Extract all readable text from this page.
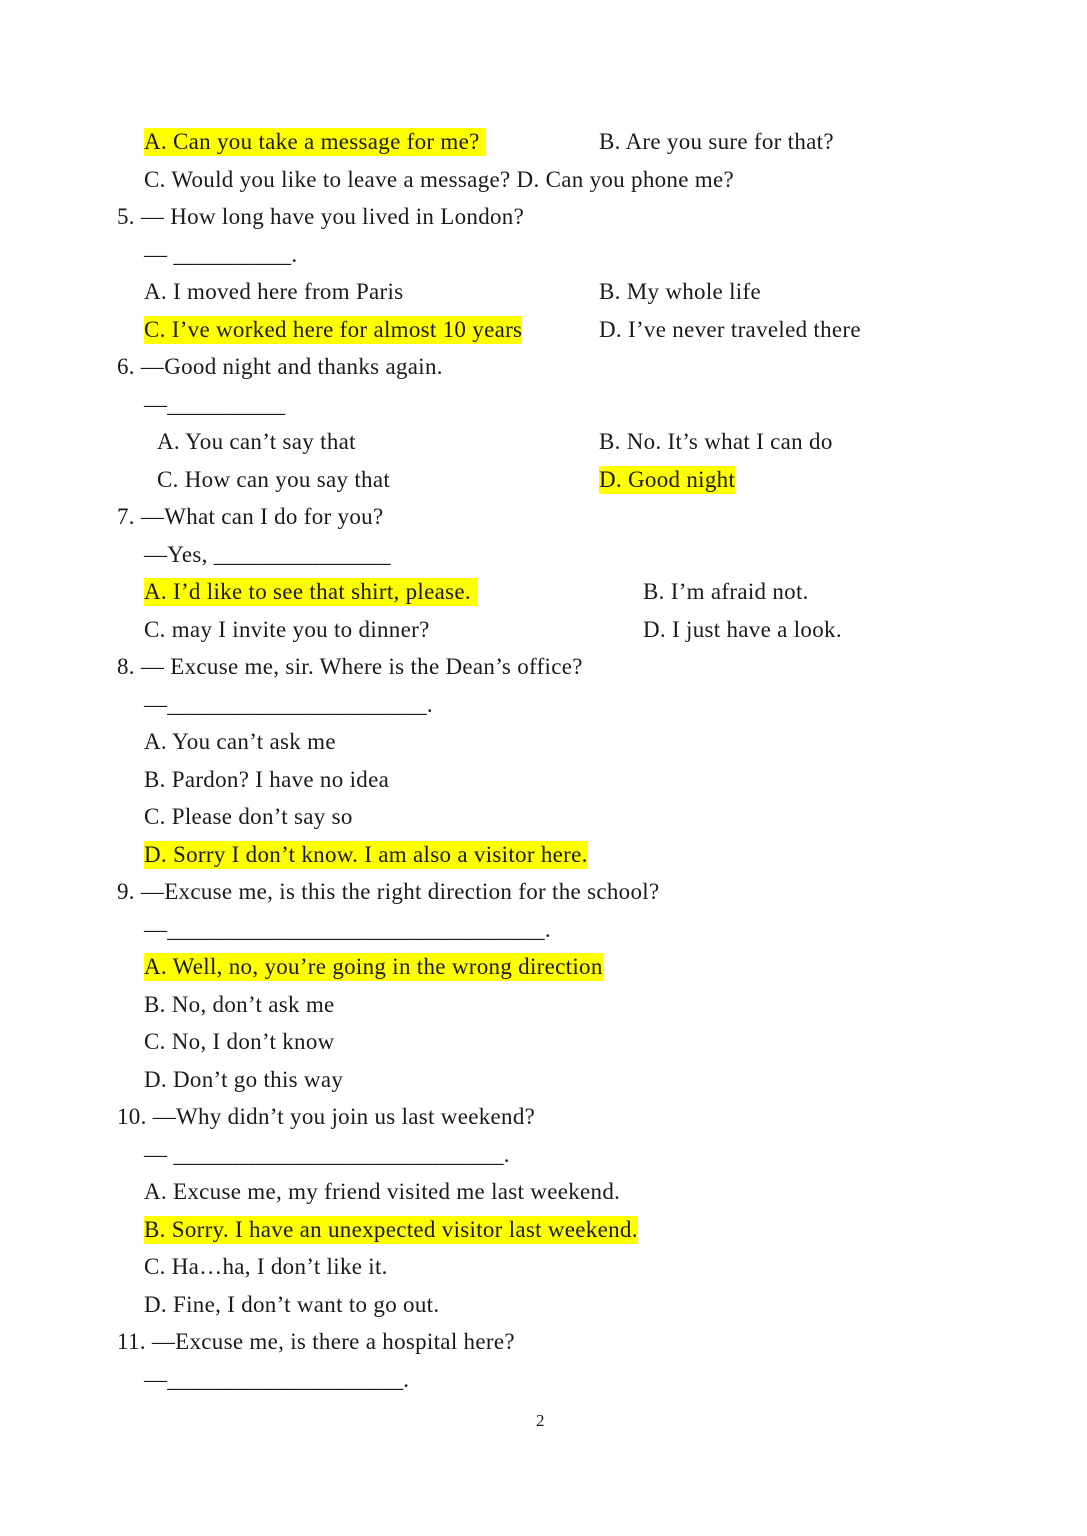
A. Can you take a message for me?	B. Are you sure for that?
C. Would you like to leave a message? D. Can you phone me?
5. — How long have you lived in London?
— __________.
A. I moved here from Paris	B. My whole life
C. I’ve worked here for almost 10 years	D. I’ve never traveled there
6. —Good night and thanks again.
—__________
A. You can’t say that	B. No. It’s what I can do
C. How can you say that	D. Good night
7. —What can I do for you?
—Yes, _______________
A. I’d like to see that shirt, please.	B. I’m afraid not.
C. may I invite you to dinner?	D. I just have a look.
8. — Excuse me, sir. Where is the Dean’s office?
—______________________.
A. You can’t ask me
B. Pardon? I have no idea
C. Please don’t say so
D. Sorry I don’t know. I am also a visitor here.
9. —Excuse me, is this the right direction for the school?
—________________________________.
A. Well, no, you’re going in the wrong direction
B. No, don’t ask me
C. No, I don’t know
D. Don’t go this way
10. —Why didn’t you join us last weekend?
— ____________________________.
A. Excuse me, my friend visited me last weekend.
B. Sorry. I have an unexpected visitor last weekend.
C. Ha…ha, I don’t like it.
D. Fine, I don’t want to go out.
11. —Excuse me, is there a hospital here?
—____________________.
2
